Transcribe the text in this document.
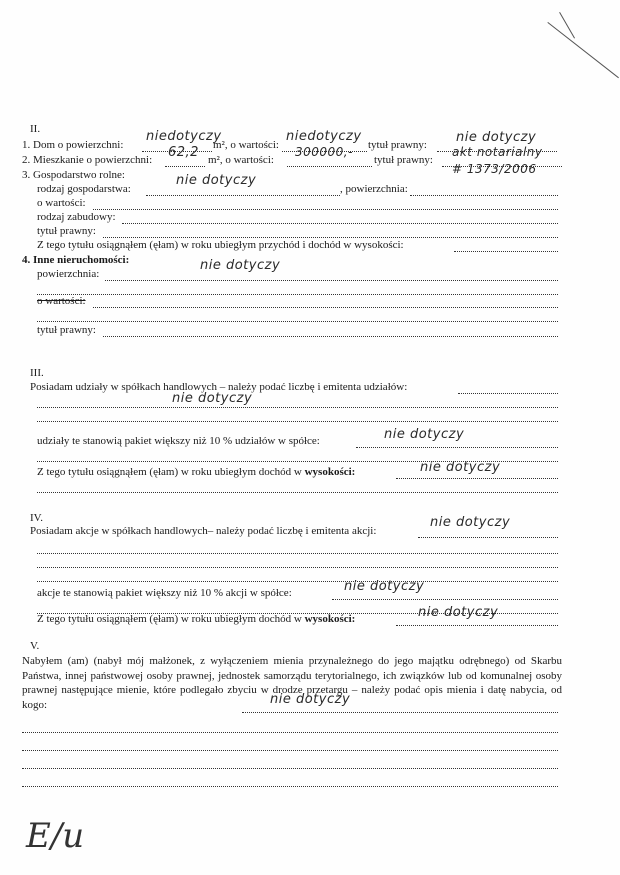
II.
1. Dom o powierzchni:
niedotyczy
m², o wartości:
niedotyczy
tytuł prawny: nie dotyczy
2. Mieszkanie o powierzchni: 62,2 m², o wartości:
300000,-
tytuł prawny:
akt notarialny
# 1373/2006
3. Gospodarstwo rolne:
rodzaj gospodarstwa:
nie dotyczy
, powierzchnia:
o wartości:
rodzaj zabudowy:
tytuł prawny:
Z tego tytułu osiągnąłem (ęłam) w roku ubiegłym przychód i dochód w wysokości:
4. Inne nieruchomości:
powierzchnia:
nie dotyczy
o wartości:
tytuł prawny:
III.
Posiadam udziały w spółkach handlowych – należy podać liczbę i emitenta udziałów:
nie dotyczy
udziały te stanowią pakiet większy niż 10 % udziałów w spółce:	nie dotyczy
Z tego tytułu osiągnąłem (ęłam) w roku ubiegłym dochód w wysokości:	nie dotyczy
IV.
Posiadam akcje w spółkach handlowych– należy podać liczbę i emitenta akcji:
nie dotyczy
akcje te stanowią pakiet większy niż 10 % akcji w spółce:	nie dotyczy
Z tego tytułu osiągnąłem (ęłam) w roku ubiegłym dochód w wysokości:	nie dotyczy
V.
Nabyłem (am) (nabył mój małżonek, z wyłączeniem mienia przynależnego do jego majątku odrębnego) od Skarbu Państwa, innej państwowej osoby prawnej, jednostek samorządu terytorialnego, ich związków lub od komunalnej osoby prawnej następujące mienie, które podlegało zbyciu w drodze przetargu – należy podać opis mienia i datę nabycia, od kogo:	nie dotyczy
E/u
